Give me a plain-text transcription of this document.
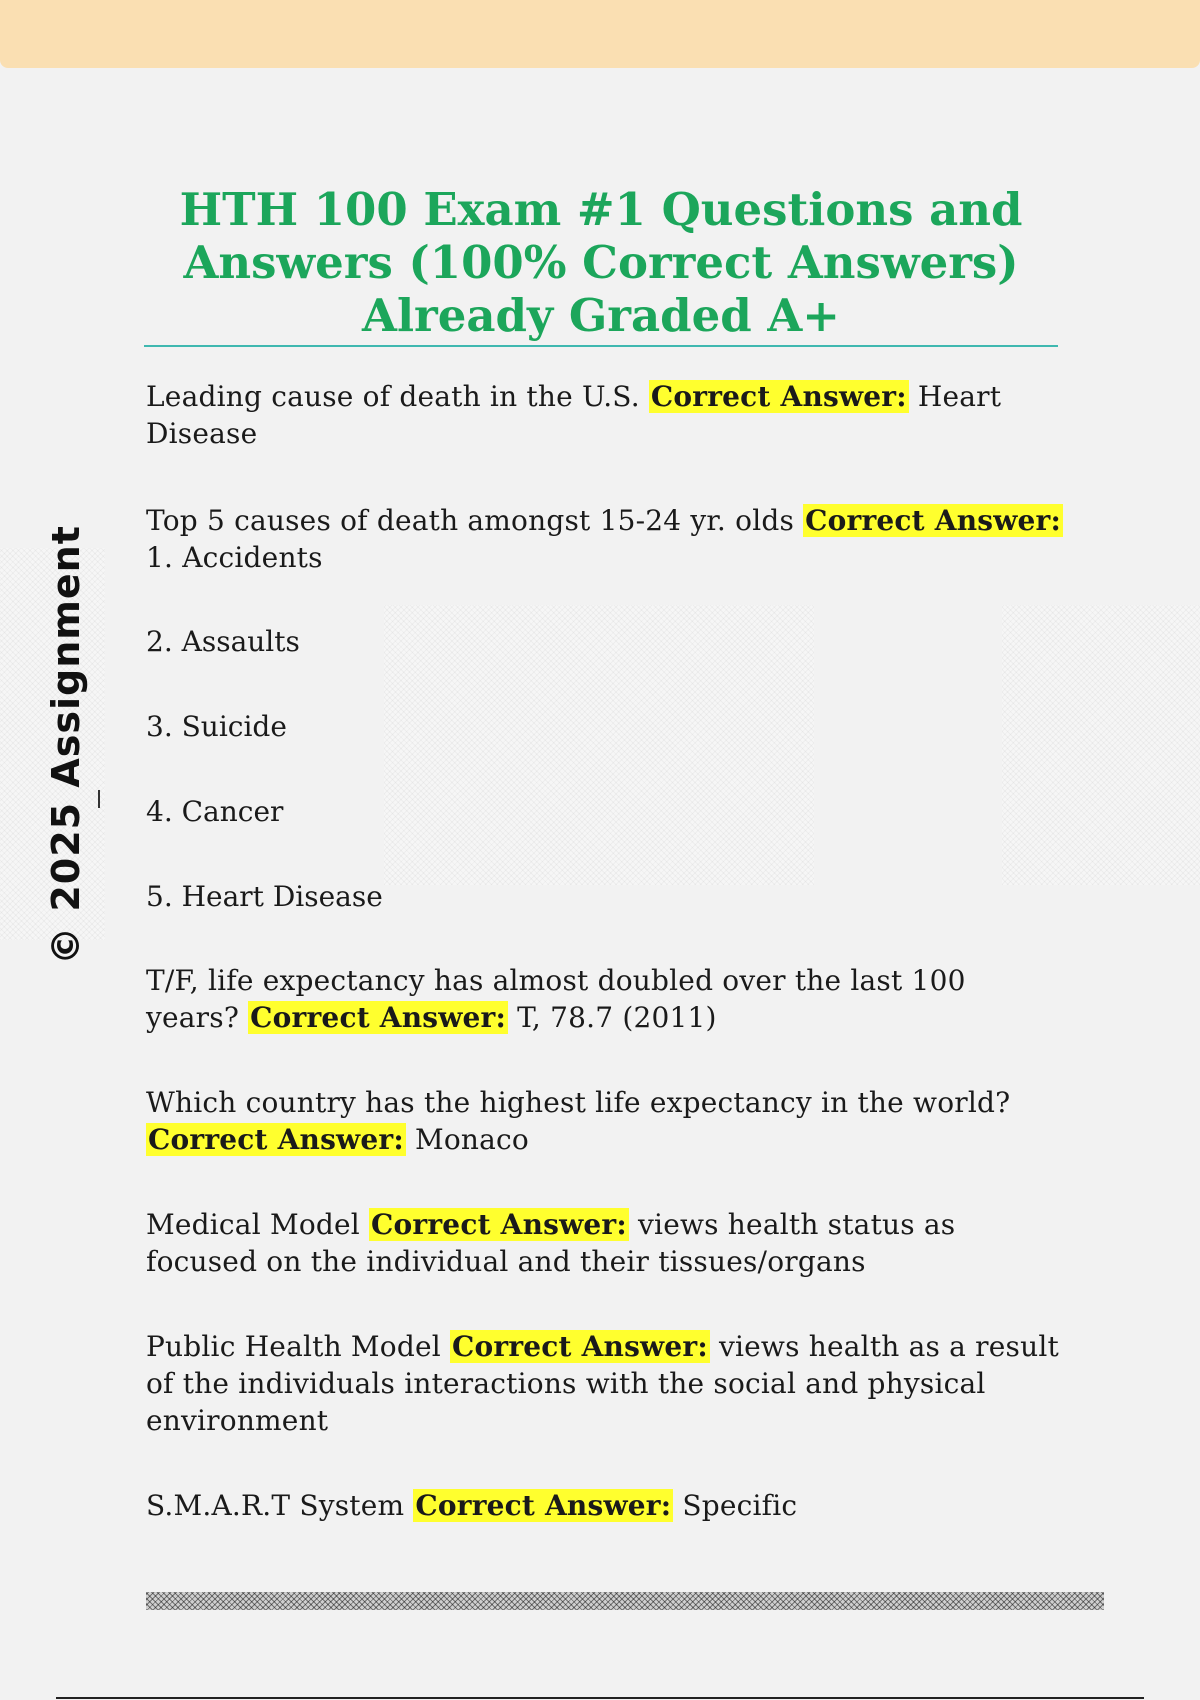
© 2025 Assignment
HTH 100 Exam #1 Questions and Answers (100% Correct Answers) Already Graded A+

Leading cause of death in the U.S. Correct Answer: Heart Disease

Top 5 causes of death amongst 15-24 yr. olds Correct Answer:
1. Accidents

2. Assaults
3. Suicide
4. Cancer
5. Heart Disease

T/F, life expectancy has almost doubled over the last 100 years? Correct Answer: T, 78.7 (2011)

Which country has the highest life expectancy in the world? Correct Answer: Monaco

Medical Model Correct Answer: views health status as focused on the individual and their tissues/organs

Public Health Model Correct Answer: views health as a result of the individuals interactions with the social and physical environment

S.M.A.R.T System Correct Answer: Specific
